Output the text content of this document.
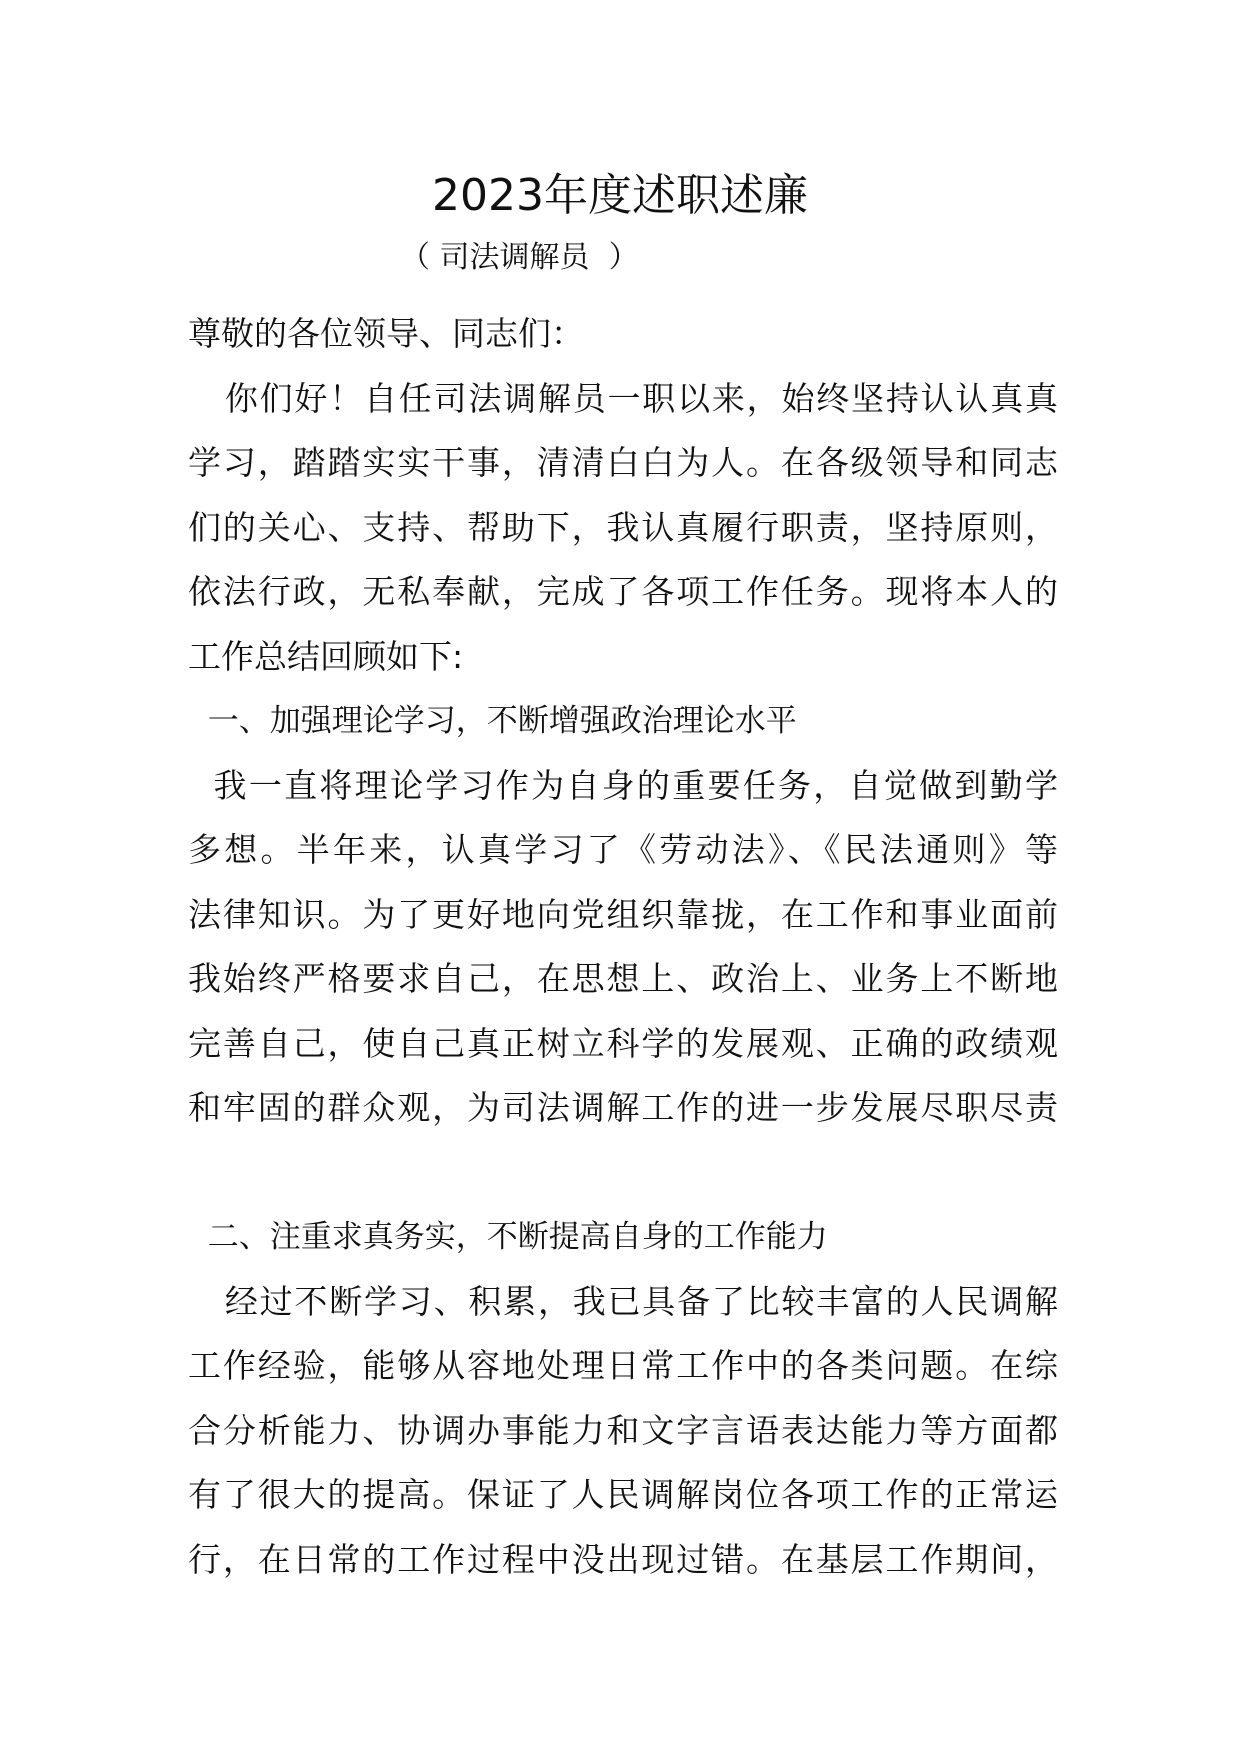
2023年度述职述廉
（ 司法调解员  ）
尊敬的各位领导、同志们：
你们好！自任司法调解员一职以来，始终坚持认认真真
学习，踏踏实实干事，清清白白为人。在各级领导和同志
们的关心、支持、帮助下，我认真履行职责，坚持原则，
依法行政，无私奉献，完成了各项工作任务。现将本人的
工作总结回顾如下:
一、加强理论学习，不断增强政治理论水平
我一直将理论学习作为自身的重要任务，自觉做到勤学
多想。半年来，认真学习了《劳动法》、《民法通则》等
法律知识。为了更好地向党组织靠拢，在工作和事业面前
我始终严格要求自己，在思想上、政治上、业务上不断地
完善自己，使自己真正树立科学的发展观、正确的政绩观
和牢固的群众观，为司法调解工作的进一步发展尽职尽责
二、注重求真务实，不断提高自身的工作能力
经过不断学习、积累，我已具备了比较丰富的人民调解
工作经验，能够从容地处理日常工作中的各类问题。在综
合分析能力、协调办事能力和文字言语表达能力等方面都
有了很大的提高。保证了人民调解岗位各项工作的正常运
行，在日常的工作过程中没出现过错。在基层工作期间，
